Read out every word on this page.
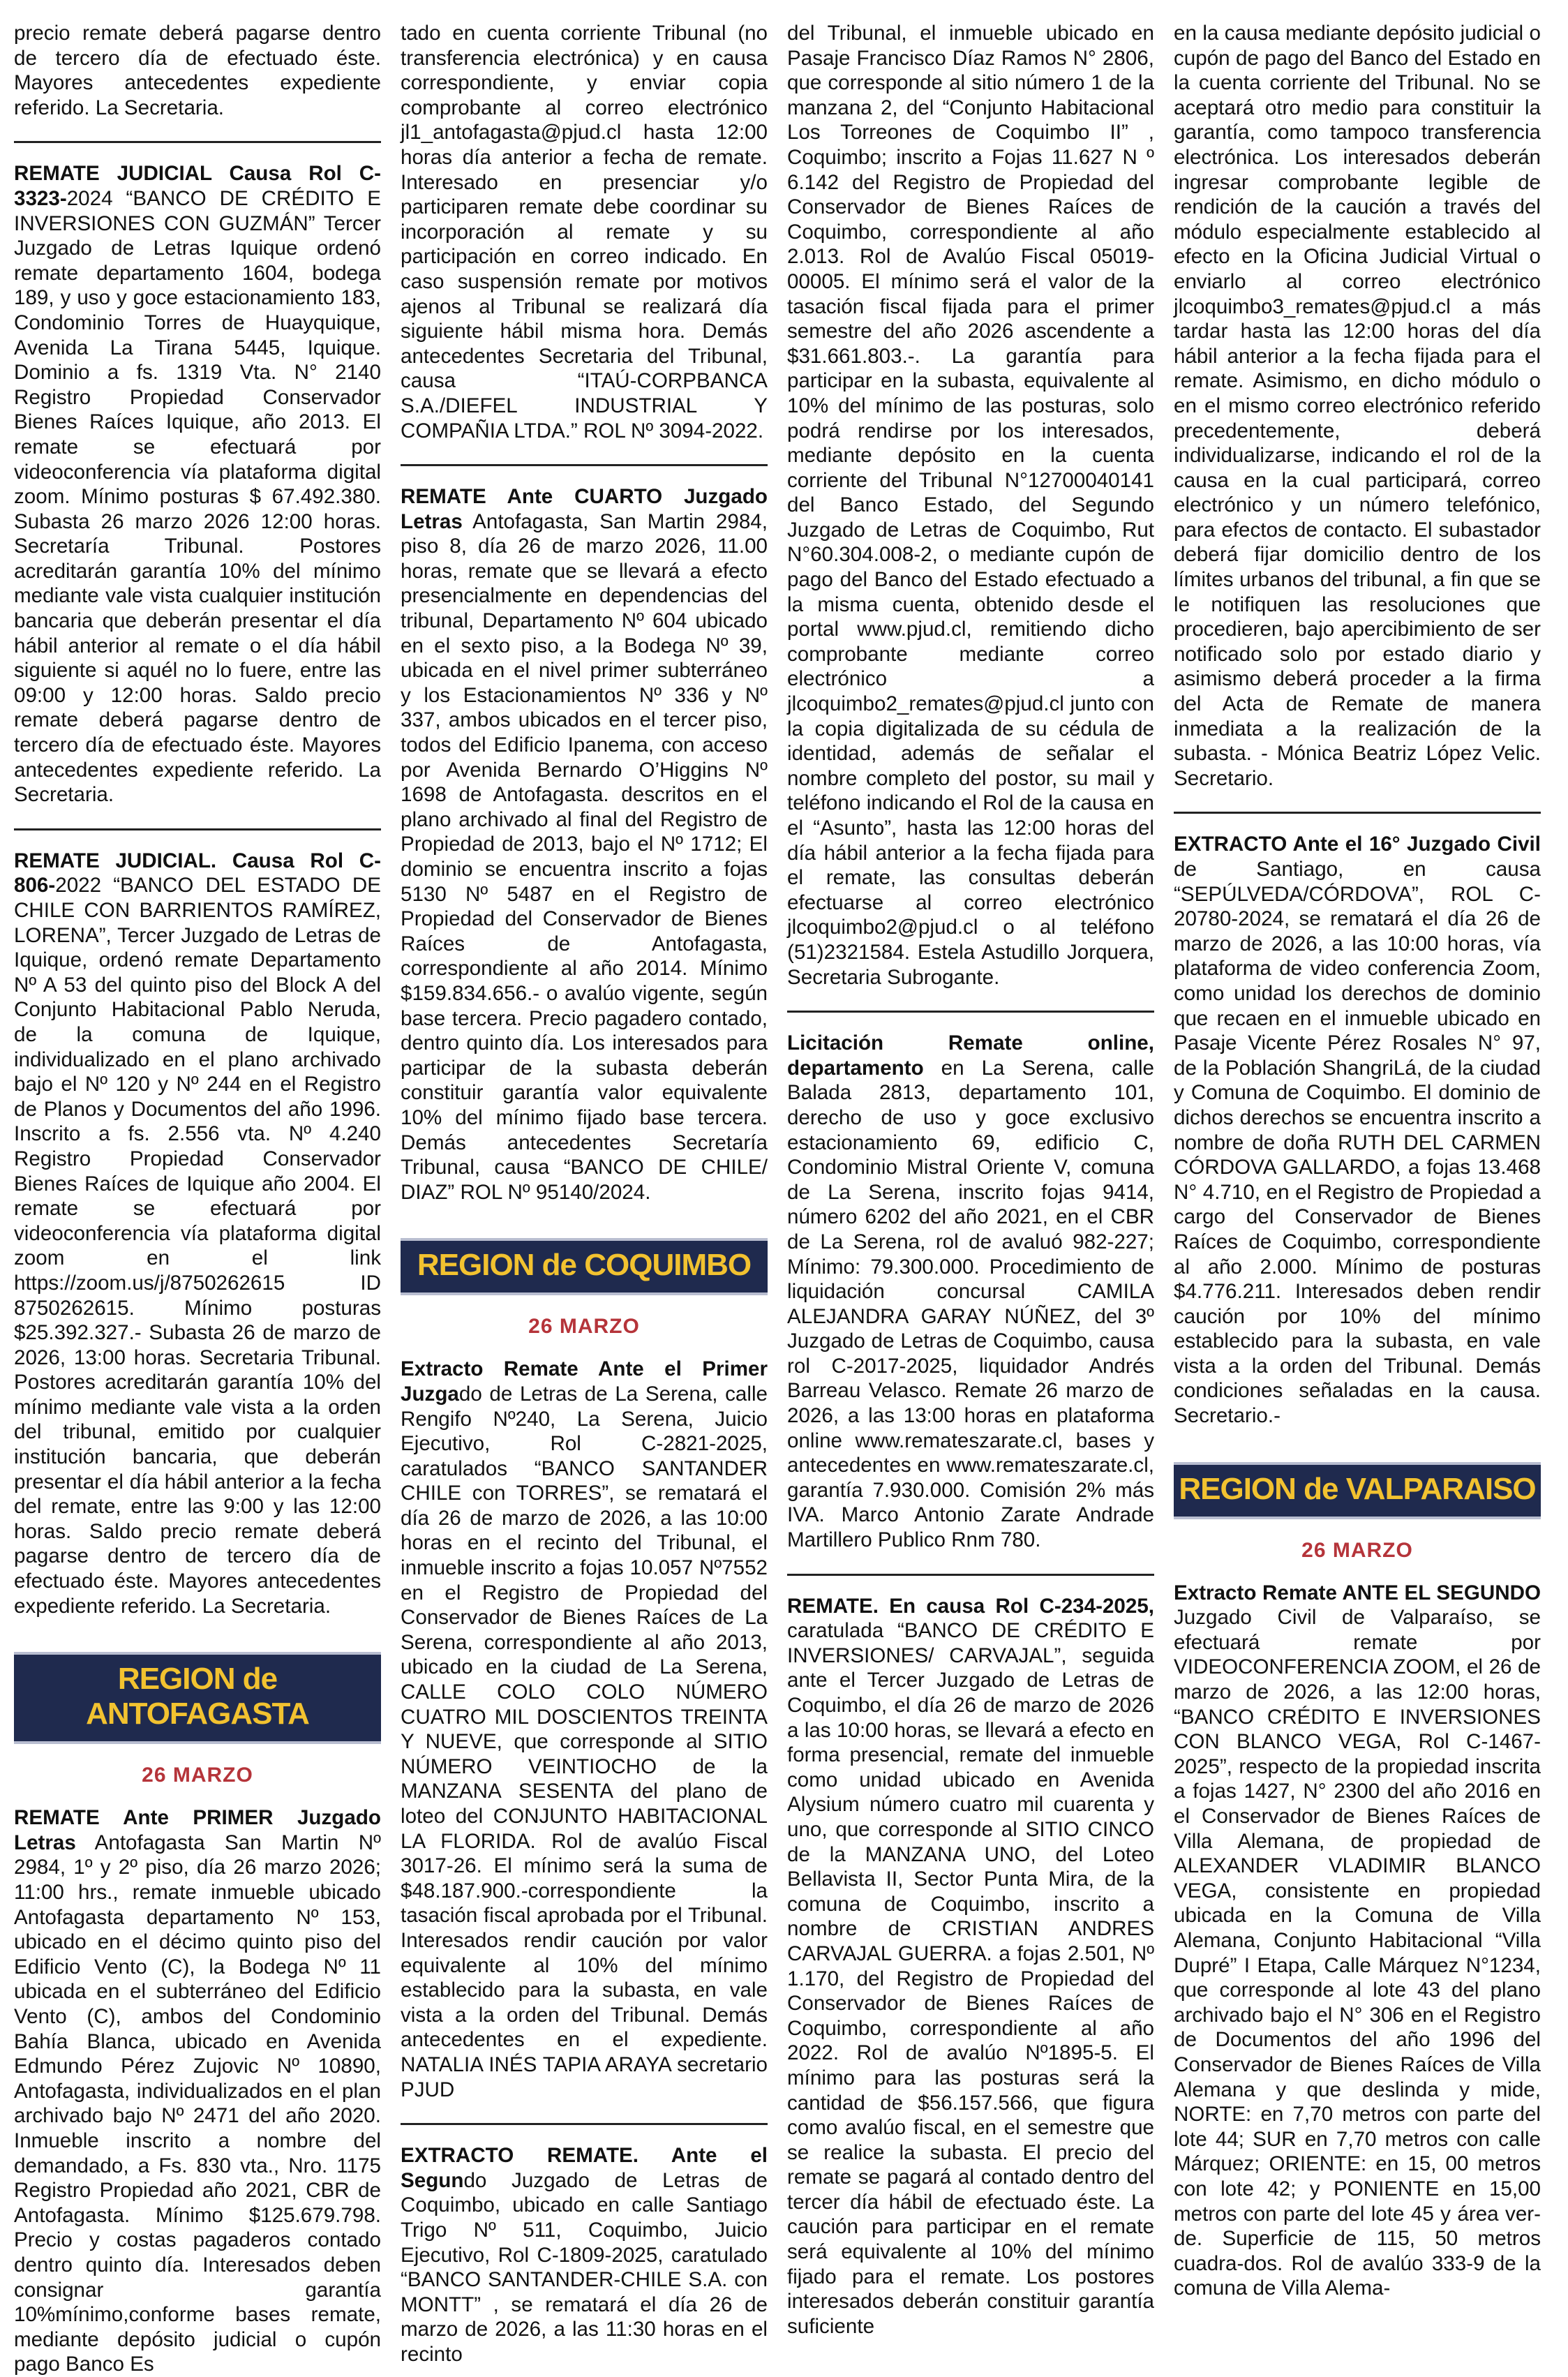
precio remate deberá pagarse dentro de tercero día de efectuado éste. Mayores antecedentes expediente referido. La Secretaria.

REMATE JUDICIAL Causa Rol C-3323-2024 “BANCO DE CRÉDITO E INVERSIONES CON GUZMÁN” Tercer Juzgado de Letras Iquique ordenó remate departamento 1604, bodega 189, y uso y goce estacionamiento 183, Condominio Torres de Huayquique, Avenida La Tirana 5445, Iquique. Dominio a fs. 1319 Vta. N° 2140 Registro Propiedad Conservador Bienes Raíces Iquique, año 2013. El remate se efectuará por videoconferencia vía plataforma digital zoom. Mínimo posturas $ 67.492.380. Subasta 26 marzo 2026 12:00 horas. Secretaría Tribunal. Postores acreditarán garantía 10% del mínimo mediante vale vista cualquier institución bancaria que deberán presentar el día hábil anterior al remate o el día hábil siguiente si aquél no lo fuere, entre las 09:00 y 12:00 horas. Saldo precio remate deberá pagarse dentro de tercero día de efectuado éste. Mayores antecedentes expediente referido. La Secretaria.

REMATE JUDICIAL. Causa Rol C-806-2022 “BANCO DEL ESTADO DE CHILE CON BARRIENTOS RAMÍREZ, LORENA”, Tercer Juzgado de Letras de Iquique, ordenó remate Departamento Nº A 53 del quinto piso del Block A del Conjunto Habitacional Pablo Neruda, de la comuna de Iquique, individualizado en el plano archivado bajo el Nº 120 y Nº 244 en el Registro de Planos y Documentos del año 1996. Inscrito a fs. 2.556 vta. Nº 4.240 Registro Propiedad Conservador Bienes Raíces de Iquique año 2004. El remate se efectuará por videoconferencia vía plataforma digital zoom en el link https://zoom.us/j/8750262615 ID 8750262615. Mínimo posturas $25.392.327.- Subasta 26 de marzo de 2026, 13:00 horas. Secretaria Tribunal. Postores acreditarán garantía 10% del mínimo mediante vale vista a la orden del tribunal, emitido por cualquier institución bancaria, que deberán presentar el día hábil anterior a la fecha del remate, entre las 9:00 y las 12:00 horas. Saldo precio remate deberá pagarse dentro de tercero día de efectuado éste. Mayores antecedentes expediente referido. La Secretaria.

REGION de ANTOFAGASTA
26 MARZO

REMATE Ante PRIMER Juzgado Letras Antofagasta San Martin Nº 2984, 1º y 2º piso, día 26 marzo 2026; 11:00 hrs., remate inmueble ubicado Antofagasta departamento Nº 153, ubicado en el décimo quinto piso del Edificio Vento (C), la Bodega Nº 11 ubicada en el subterráneo del Edificio Vento (C), ambos del Condominio Bahía Blanca, ubicado en Avenida Edmundo Pérez Zujovic Nº 10890, Antofagasta, individualizados en el plan archivado bajo Nº 2471 del año 2020. Inmueble inscrito a nombre del demandado, a Fs. 830 vta., Nro. 1175 Registro Propiedad año 2021, CBR de Antofagasta. Mínimo $125.679.798. Precio y costas pagaderos contado dentro quinto día. Interesados deben consignar garantía 10%mínimo,conforme bases remate, mediante depósito judicial o cupón pago Banco Es

tado en cuenta corriente Tribunal (no transferencia electrónica) y en causa correspondiente, y enviar copia comprobante al correo electrónico jl1_antofagasta@pjud.cl hasta 12:00 horas día anterior a fecha de remate. Interesado en presenciar y/o participaren remate debe coordinar su incorporación al remate y su participación en correo indicado. En caso suspensión remate por motivos ajenos al Tribunal se realizará día siguiente hábil misma hora. Demás antecedentes Secretaria del Tribunal, causa “ITAÚ-CORPBANCA S.A./DIEFEL INDUSTRIAL Y COMPAÑIA LTDA.” ROL Nº 3094-2022.

REMATE Ante CUARTO Juzgado Letras Antofagasta, San Martin 2984, piso 8, día 26 de marzo 2026, 11.00 horas, remate que se llevará a efecto presencialmente en dependencias del tribunal, Departamento Nº 604 ubicado en el sexto piso, a la Bodega Nº 39, ubicada en el nivel primer subterráneo y los Estacionamientos Nº 336 y Nº 337, ambos ubicados en el tercer piso, todos del Edificio Ipanema, con acceso por Avenida Bernardo O’Higgins Nº 1698 de Antofagasta. descritos en el plano archivado al final del Registro de Propiedad de 2013, bajo el Nº 1712; El dominio se encuentra inscrito a fojas 5130 Nº 5487 en el Registro de Propiedad del Conservador de Bienes Raíces de Antofagasta, correspondiente al año 2014. Mínimo $159.834.656.- o avalúo vigente, según base tercera. Precio pagadero contado, dentro quinto día. Los interesados para participar de la subasta deberán constituir garantía valor equivalente 10% del mínimo fijado base tercera. Demás antecedentes Secretaría Tribunal, causa “BANCO DE CHILE/ DIAZ” ROL Nº 95140/2024.

REGION de COQUIMBO
26 MARZO

Extracto Remate Ante el Primer Juzgado de Letras de La Serena, calle Rengifo Nº240, La Serena, Juicio Ejecutivo, Rol C-2821-2025, caratulados “BANCO SANTANDER CHILE con TORRES”, se rematará el día 26 de marzo de 2026, a las 10:00 horas en el recinto del Tribunal, el inmueble inscrito a fojas 10.057 Nº7552 en el Registro de Propiedad del Conservador de Bienes Raíces de La Serena, correspondiente al año 2013, ubicado en la ciudad de La Serena, CALLE COLO COLO NÚMERO CUATRO MIL DOSCIENTOS TREINTA Y NUEVE, que corresponde al SITIO NÚMERO VEINTIOCHO de la MANZANA SESENTA del plano de loteo del CONJUNTO HABITACIONAL LA FLORIDA. Rol de avalúo Fiscal 3017-26. El mínimo será la suma de $48.187.900.-correspondiente la tasación fiscal aprobada por el Tribunal. Interesados rendir caución por valor equivalente al 10% del mínimo establecido para la subasta, en vale vista a la orden del Tribunal. Demás antecedentes en el expediente. NATALIA INÉS TAPIA ARAYA secretario PJUD

EXTRACTO REMATE. Ante el Segundo Juzgado de Letras de Coquimbo, ubicado en calle Santiago Trigo Nº 511, Coquimbo, Juicio Ejecutivo, Rol C-1809-2025, caratulado “BANCO SANTANDER-CHILE S.A. con MONTT” , se rematará el día 26 de marzo de 2026, a las 11:30 horas en el recinto

del Tribunal, el inmueble ubicado en Pasaje Francisco Díaz Ramos N° 2806, que corresponde al sitio número 1 de la manzana 2, del “Conjunto Habitacional Los Torreones de Coquimbo II” , Coquimbo; inscrito a Fojas 11.627 N º 6.142 del Registro de Propiedad del Conservador de Bienes Raíces de Coquimbo, correspondiente al año 2.013. Rol de Avalúo Fiscal 05019-00005. El mínimo será el valor de la tasación fiscal fijada para el primer semestre del año 2026 ascendente a $31.661.803.-. La garantía para participar en la subasta, equivalente al 10% del mínimo de las posturas, solo podrá rendirse por los interesados, mediante depósito en la cuenta corriente del Tribunal N°12700040141 del Banco Estado, del Segundo Juzgado de Letras de Coquimbo, Rut N°60.304.008-2, o mediante cupón de pago del Banco del Estado efectuado a la misma cuenta, obtenido desde el portal www.pjud.cl, remitiendo dicho comprobante mediante correo electrónico a jlcoquimbo2_remates@pjud.cl junto con la copia digitalizada de su cédula de identidad, además de señalar el nombre completo del postor, su mail y teléfono indicando el Rol de la causa en el “Asunto”, hasta las 12:00 horas del día hábil anterior a la fecha fijada para el remate, las consultas deberán efectuarse al correo electrónico jlcoquimbo2@pjud.cl o al teléfono (51)2321584. Estela Astudillo Jorquera, Secretaria Subrogante.

Licitación Remate online, departamento en La Serena, calle Balada 2813, departamento 101, derecho de uso y goce exclusivo estacionamiento 69, edificio C, Condominio Mistral Oriente V, comuna de La Serena, inscrito fojas 9414, número 6202 del año 2021, en el CBR de La Serena, rol de avaluó 982-227; Mínimo: 79.300.000. Procedimiento de liquidación concursal CAMILA ALEJANDRA GARAY NÚÑEZ, del 3º Juzgado de Letras de Coquimbo, causa rol C-2017-2025, liquidador Andrés Barreau Velasco. Remate 26 marzo de 2026, a las 13:00 horas en plataforma online www.remateszarate.cl, bases y antecedentes en www.remateszarate.cl, garantía 7.930.000. Comisión 2% más IVA. Marco Antonio Zarate Andrade Martillero Publico Rnm 780.

REMATE. En causa Rol C-234-2025, caratulada “BANCO DE CRÉDITO E INVERSIONES/ CARVAJAL”, seguida ante el Tercer Juzgado de Letras de Coquimbo, el día 26 de marzo de 2026 a las 10:00 horas, se llevará a efecto en forma presencial, remate del inmueble como unidad ubicado en Avenida Alysium número cuatro mil cuarenta y uno, que corresponde al SITIO CINCO de la MANZANA UNO, del Loteo Bellavista II, Sector Punta Mira, de la comuna de Coquimbo, inscrito a nombre de CRISTIAN ANDRES CARVAJAL GUERRA. a fojas 2.501, Nº 1.170, del Registro de Propiedad del Conservador de Bienes Raíces de Coquimbo, correspondiente al año 2022. Rol de avalúo Nº1895-5. El mínimo para las posturas será la cantidad de $56.157.566, que figura como avalúo fiscal, en el semestre que se realice la subasta. El precio del remate se pagará al contado dentro del tercer día hábil de efectuado éste. La caución para participar en el remate será equivalente al 10% del mínimo fijado para el remate. Los postores interesados deberán constituir garantía suficiente

en la causa mediante depósito judicial o cupón de pago del Banco del Estado en la cuenta corriente del Tribunal. No se aceptará otro medio para constituir la garantía, como tampoco transferencia electrónica. Los interesados deberán ingresar comprobante legible de rendición de la caución a través del módulo especialmente establecido al efecto en la Oficina Judicial Virtual o enviarlo al correo electrónico jlcoquimbo3_remates@pjud.cl a más tardar hasta las 12:00 horas del día hábil anterior a la fecha fijada para el remate. Asimismo, en dicho módulo o en el mismo correo electrónico referido precedentemente, deberá individualizarse, indicando el rol de la causa en la cual participará, correo electrónico y un número telefónico, para efectos de contacto. El subastador deberá fijar domicilio dentro de los límites urbanos del tribunal, a fin que se le notifiquen las resoluciones que procedieren, bajo apercibimiento de ser notificado solo por estado diario y asimismo deberá proceder a la firma del Acta de Remate de manera inmediata a la realización de la subasta. - Mónica Beatriz López Velic. Secretario.

EXTRACTO Ante el 16° Juzgado Civil de Santiago, en causa “SEPÚLVEDA/CÓRDOVA”, ROL C- 20780-2024, se rematará el día 26 de marzo de 2026, a las 10:00 horas, vía plataforma de video conferencia Zoom, como unidad los derechos de dominio que recaen en el inmueble ubicado en Pasaje Vicente Pérez Rosales N° 97, de la Población ShangriLá, de la ciudad y Comuna de Coquimbo. El dominio de dichos derechos se encuentra inscrito a nombre de doña RUTH DEL CARMEN CÓRDOVA GALLARDO, a fojas 13.468 N° 4.710, en el Registro de Propiedad a cargo del Conservador de Bienes Raíces de Coquimbo, correspondiente al año 2.000. Mínimo de posturas $4.776.211. Interesados deben rendir caución por 10% del mínimo establecido para la subasta, en vale vista a la orden del Tribunal. Demás condiciones señaladas en la causa. Secretario.-

REGION de VALPARAISO
26 MARZO

Extracto Remate ANTE EL SEGUNDO Juzgado Civil de Valparaíso, se efectuará remate por VIDEOCONFERENCIA ZOOM, el 26 de marzo de 2026, a las 12:00 horas, “BANCO CRÉDITO E INVERSIONES CON BLANCO VEGA, Rol C-1467-2025”, respecto de la propiedad inscrita a fojas 1427, N° 2300 del año 2016 en el Conservador de Bienes Raíces de Villa Alemana, de propiedad de ALEXANDER VLADIMIR BLANCO VEGA, consistente en propiedad ubicada en la Comuna de Villa Alemana, Conjunto Habitacional “Villa Dupré” I Etapa, Calle Márquez N°1234, que corresponde al lote 43 del plano archivado bajo el N° 306 en el Registro de Documentos del año 1996 del Conservador de Bienes Raíces de Villa Alemana y que deslinda y mide, NORTE: en 7,70 metros con parte del lote 44; SUR en 7,70 metros con calle Márquez; ORIENTE: en 15, 00 metros con lote 42; y PONIENTE en 15,00 metros con parte del lote 45 y área ver-de. Superficie de 115, 50 metros cuadra-dos. Rol de avalúo 333-9 de la comuna de Villa Alema-
